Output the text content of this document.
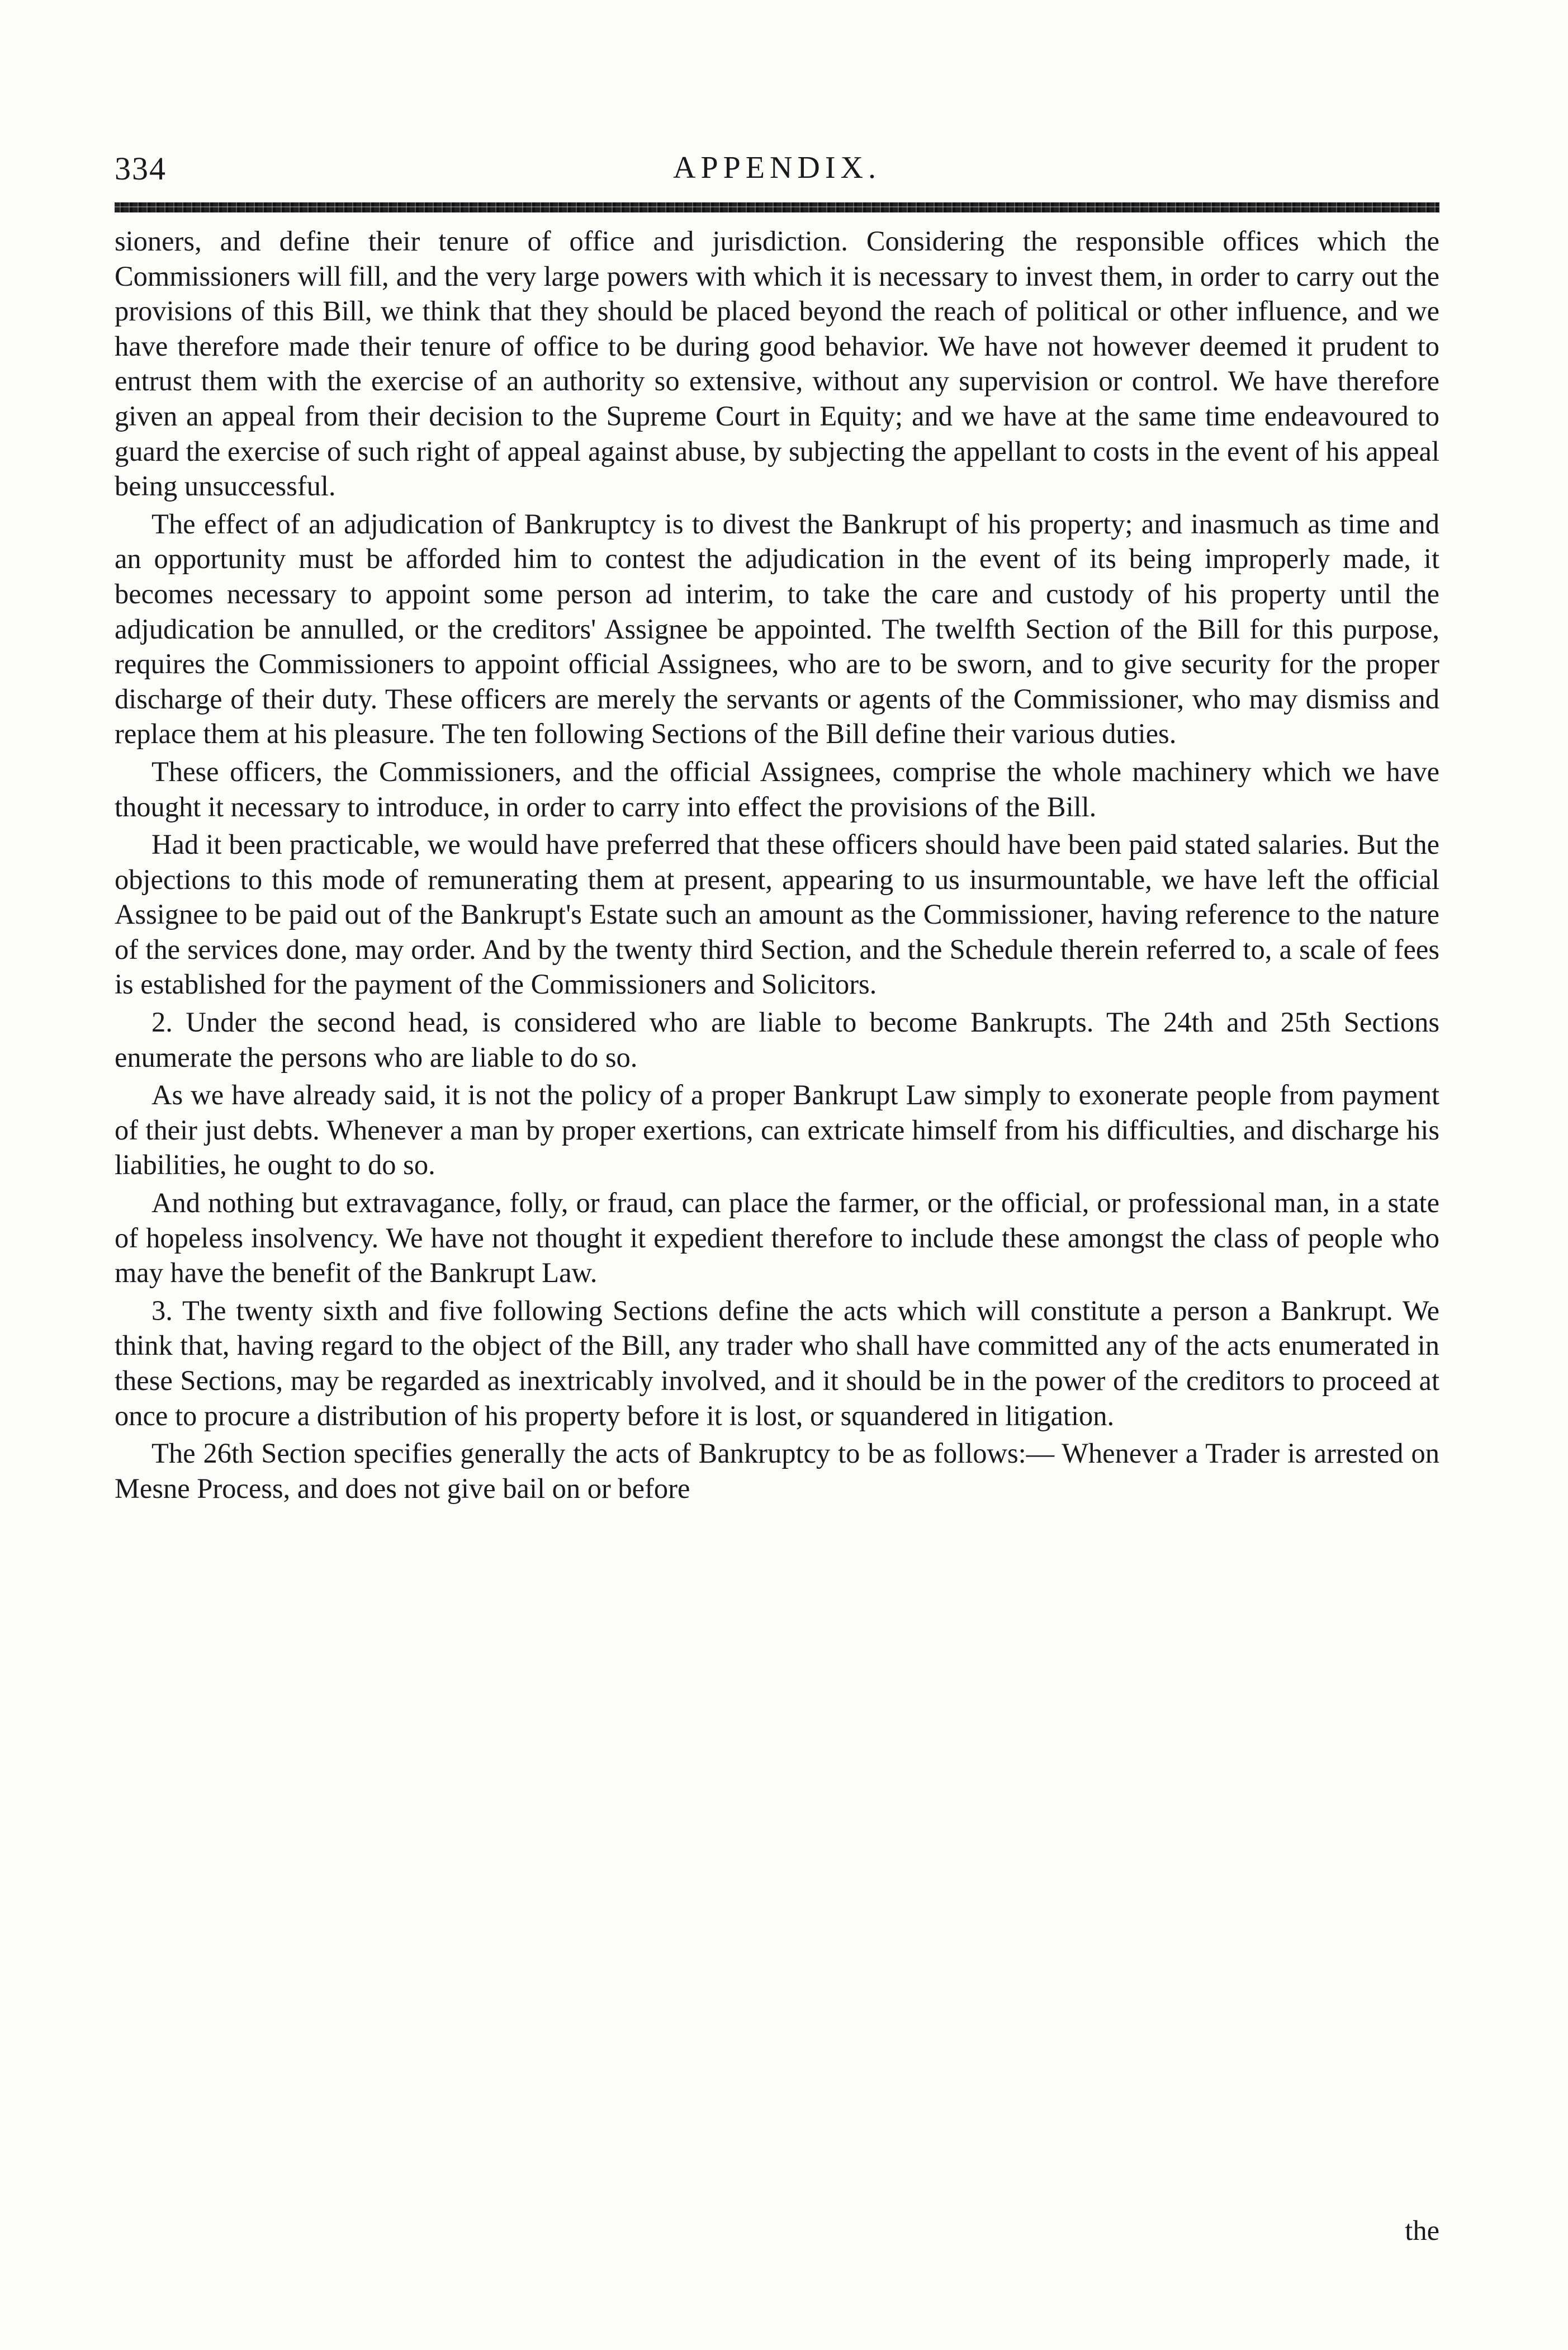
334	APPENDIX.

sioners, and define their tenure of office and jurisdiction. Considering the responsible offices which the Commissioners will fill, and the very large powers with which it is necessary to invest them, in order to carry out the provisions of this Bill, we think that they should be placed beyond the reach of political or other influence, and we have therefore made their tenure of office to be during good behavior. We have not however deemed it prudent to entrust them with the exercise of an authority so extensive, without any supervision or control. We have therefore given an appeal from their decision to the Supreme Court in Equity; and we have at the same time endeavoured to guard the exercise of such right of appeal against abuse, by subjecting the appellant to costs in the event of his appeal being unsuccessful.

The effect of an adjudication of Bankruptcy is to divest the Bankrupt of his property; and inasmuch as time and an opportunity must be afforded him to contest the adjudication in the event of its being improperly made, it becomes necessary to appoint some person ad interim, to take the care and custody of his property until the adjudication be annulled, or the creditors' Assignee be appointed. The twelfth Section of the Bill for this purpose, requires the Commissioners to appoint official Assignees, who are to be sworn, and to give security for the proper discharge of their duty. These officers are merely the servants or agents of the Commissioner, who may dismiss and replace them at his pleasure. The ten following Sections of the Bill define their various duties.

These officers, the Commissioners, and the official Assignees, comprise the whole machinery which we have thought it necessary to introduce, in order to carry into effect the provisions of the Bill.

Had it been practicable, we would have preferred that these officers should have been paid stated salaries. But the objections to this mode of remunerating them at present, appearing to us insurmountable, we have left the official Assignee to be paid out of the Bankrupt's Estate such an amount as the Commissioner, having reference to the nature of the services done, may order. And by the twenty third Section, and the Schedule therein referred to, a scale of fees is established for the payment of the Commissioners and Solicitors.

2. Under the second head, is considered who are liable to become Bankrupts. The 24th and 25th Sections enumerate the persons who are liable to do so.

As we have already said, it is not the policy of a proper Bankrupt Law simply to exonerate people from payment of their just debts. Whenever a man by proper exertions, can extricate himself from his difficulties, and discharge his liabilities, he ought to do so.

And nothing but extravagance, folly, or fraud, can place the farmer, or the official, or professional man, in a state of hopeless insolvency. We have not thought it expedient therefore to include these amongst the class of people who may have the benefit of the Bankrupt Law.

3. The twenty sixth and five following Sections define the acts which will constitute a person a Bankrupt. We think that, having regard to the object of the Bill, any trader who shall have committed any of the acts enumerated in these Sections, may be regarded as inextricably involved, and it should be in the power of the creditors to proceed at once to procure a distribution of his property before it is lost, or squandered in litigation.

The 26th Section specifies generally the acts of Bankruptcy to be as follows:— Whenever a Trader is arrested on Mesne Process, and does not give bail on or before

the
